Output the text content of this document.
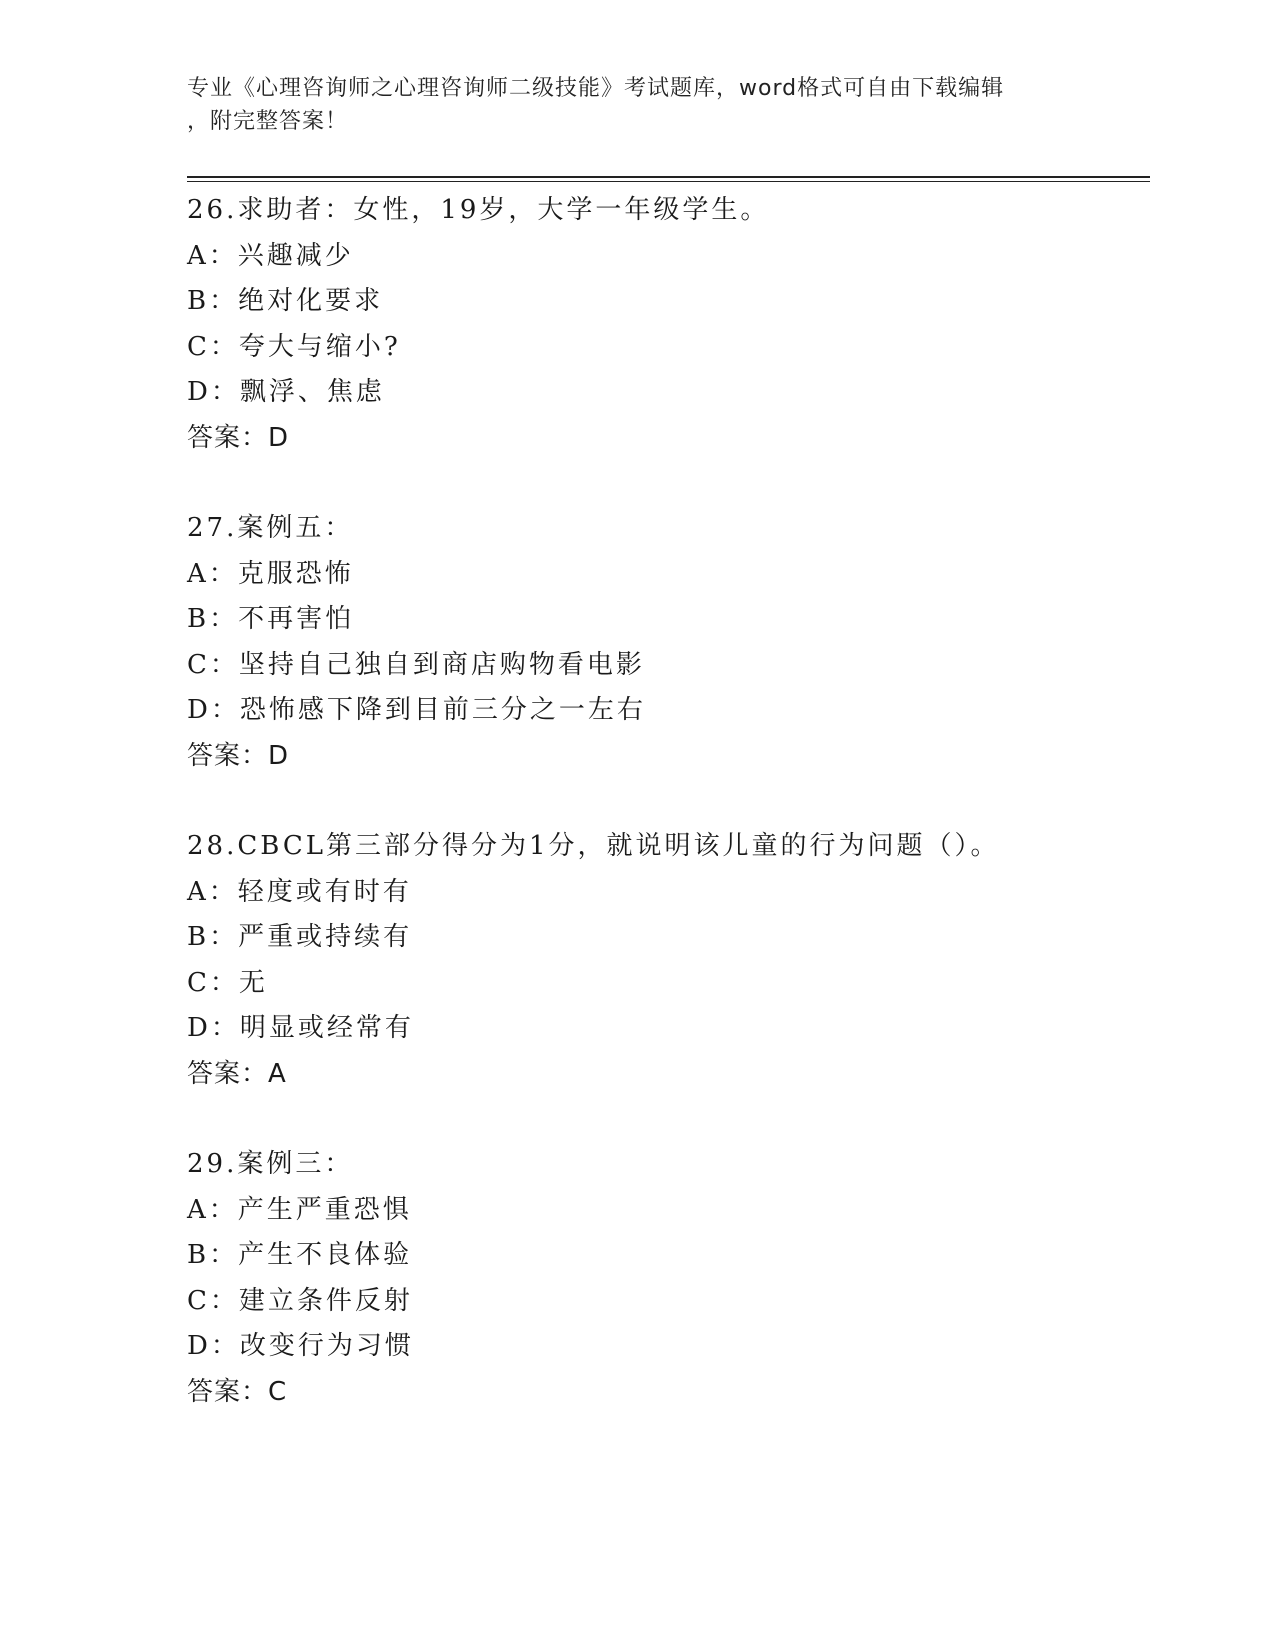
专业《心理咨询师之心理咨询师二级技能》考试题库，word格式可自由下载编辑
，附完整答案！
26.求助者：女性，19岁，大学一年级学生。
A：兴趣减少
B：绝对化要求
C：夸大与缩小?
D：飘浮、焦虑
答案：D
27.案例五：
A：克服恐怖
B：不再害怕
C：坚持自己独自到商店购物看电影
D：恐怖感下降到目前三分之一左右
答案：D
28.CBCL第三部分得分为1分，就说明该儿童的行为问题（）。
A：轻度或有时有
B：严重或持续有
C：无
D：明显或经常有
答案：A
29.案例三：
A：产生严重恐惧
B：产生不良体验
C：建立条件反射
D：改变行为习惯
答案：C
